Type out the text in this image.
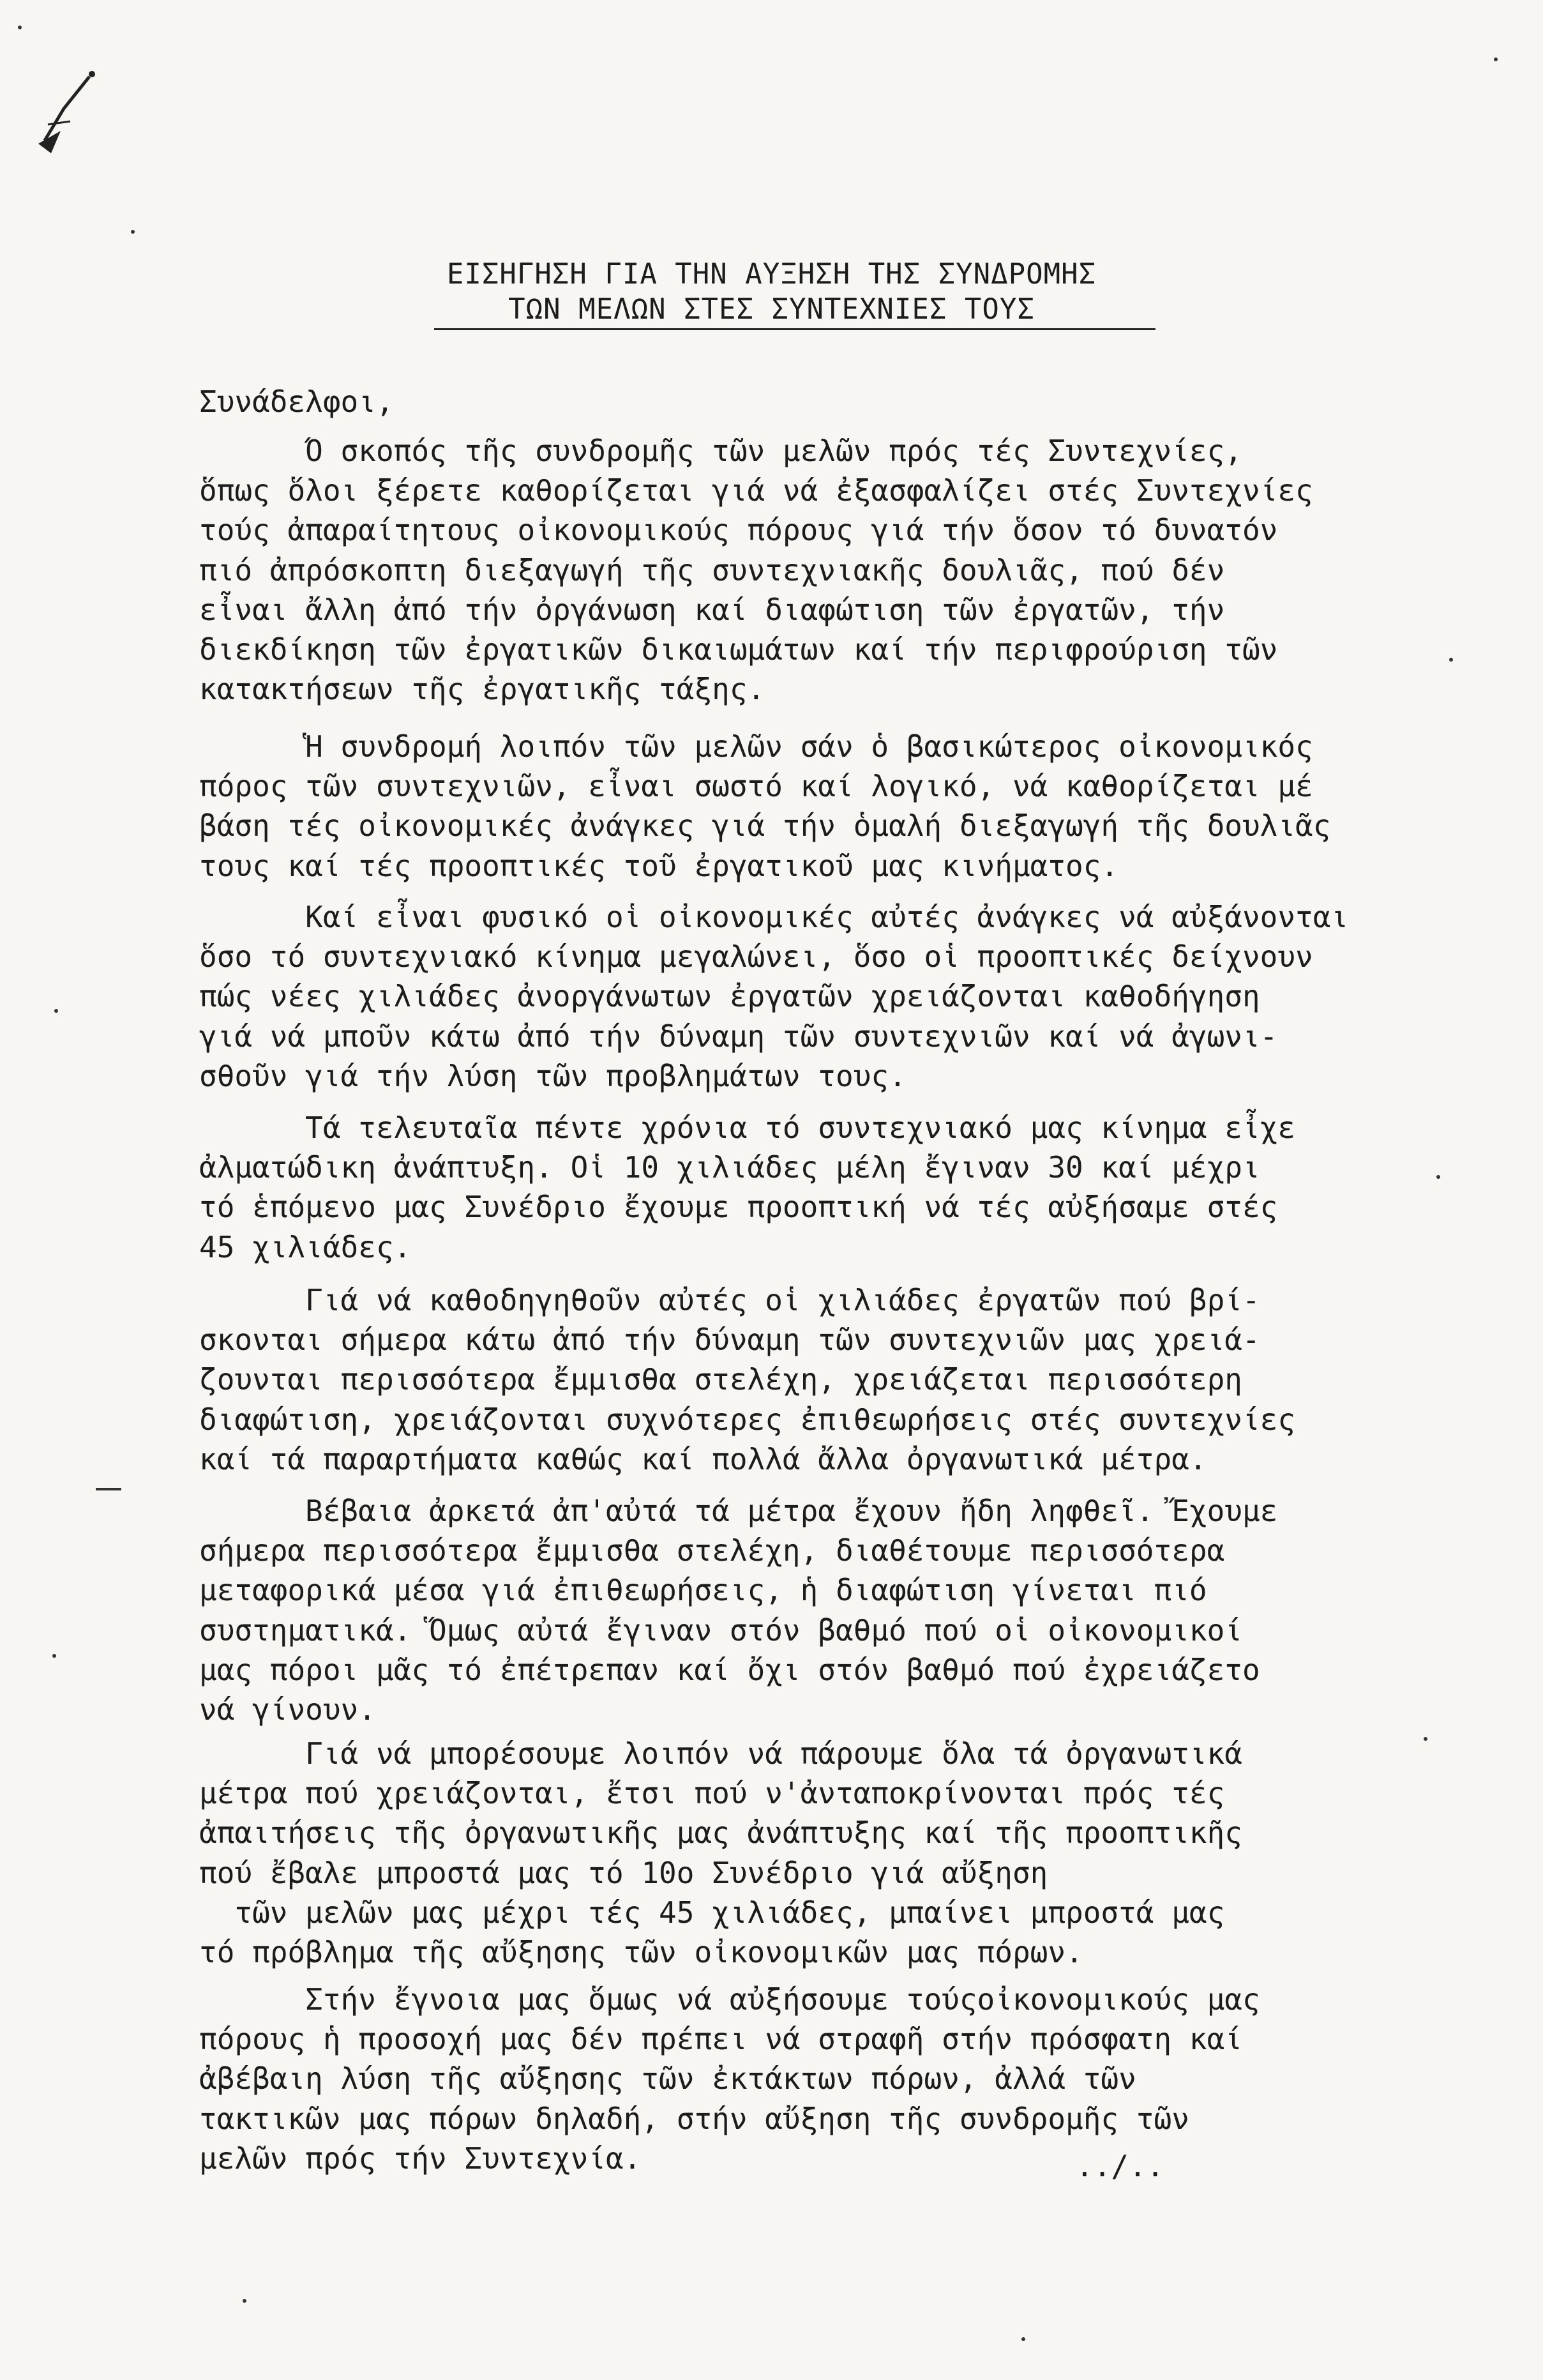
ΕΙΣΗΓΗΣΗ ΓΙΑ ΤΗΝ ΑΥΞΗΣΗ ΤΗΣ ΣΥΝΔΡΟΜΗΣ
ΤΩΝ ΜΕΛΩΝ ΣΤΕΣ ΣΥΝΤΕΧΝΙΕΣ ΤΟΥΣ
Συνάδελφοι,
Ό σκοπός τῆς συνδρομῆς τῶν μελῶν πρός τές Συντεχνίες,
ὅπως ὅλοι ξέρετε καθορίζεται γιά νά ἐξασφαλίζει στές Συντεχνίες
τούς ἀπαραίτητους οἰκονομικούς πόρους γιά τήν ὅσον τό δυνατόν
πιό ἀπρόσκοπτη διεξαγωγή τῆς συντεχνιακῆς δουλιᾶς, πού δέν
εἶναι ἄλλη ἀπό τήν ὀργάνωση καί διαφώτιση τῶν ἐργατῶν, τήν
διεκδίκηση τῶν ἐργατικῶν δικαιωμάτων καί τήν περιφρούριση τῶν
κατακτήσεων τῆς ἐργατικῆς τάξης.
Ἡ συνδρομή λοιπόν τῶν μελῶν σάν ὁ βασικώτερος οἰκονομικός
πόρος τῶν συντεχνιῶν, εἶναι σωστό καί λογικό, νά καθορίζεται μέ
βάση τές οἰκονομικές ἀνάγκες γιά τήν ὁμαλή διεξαγωγή τῆς δουλιᾶς
τους καί τές προοπτικές τοῦ ἐργατικοῦ μας κινήματος.
Καί εἶναι φυσικό οἱ οἰκονομικές αὐτές ἀνάγκες νά αὐξάνονται
ὅσο τό συντεχνιακό κίνημα μεγαλώνει, ὅσο οἱ προοπτικές δείχνουν
πώς νέες χιλιάδες ἀνοργάνωτων ἐργατῶν χρειάζονται καθοδήγηση
γιά νά μποῦν κάτω ἀπό τήν δύναμη τῶν συντεχνιῶν καί νά ἀγωνι-
σθοῦν γιά τήν λύση τῶν προβλημάτων τους.
Τά τελευταῖα πέντε χρόνια τό συντεχνιακό μας κίνημα εἶχε
ἀλματώδικη ἀνάπτυξη. Οἱ 10 χιλιάδες μέλη ἔγιναν 30 καί μέχρι
τό ἑπόμενο μας Συνέδριο ἔχουμε προοπτική νά τές αὐξήσαμε στές
45 χιλιάδες.
Γιά νά καθοδηγηθοῦν αὐτές οἱ χιλιάδες ἐργατῶν πού βρί-
σκονται σήμερα κάτω ἀπό τήν δύναμη τῶν συντεχνιῶν μας χρειά-
ζουνται περισσότερα ἔμμισθα στελέχη, χρειάζεται περισσότερη
διαφώτιση, χρειάζονται συχνότερες ἐπιθεωρήσεις στές συντεχνίες
καί τά παραρτήματα καθώς καί πολλά ἄλλα ὀργανωτικά μέτρα.
Βέβαια ἀρκετά ἀπ'αὐτά τά μέτρα ἔχουν ἤδη ληφθεῖ. Ἔχουμε
σήμερα περισσότερα ἔμμισθα στελέχη, διαθέτουμε περισσότερα
μεταφορικά μέσα γιά ἐπιθεωρήσεις, ἡ διαφώτιση γίνεται πιό
συστηματικά. Ὅμως αὐτά ἔγιναν στόν βαθμό πού οἱ οἰκονομικοί
μας πόροι μᾶς τό ἐπέτρεπαν καί ὄχι στόν βαθμό πού ἐχρειάζετο
νά γίνουν.
Γιά νά μπορέσουμε λοιπόν νά πάρουμε ὅλα τά ὀργανωτικά
μέτρα πού χρειάζονται, ἔτσι πού ν'ἀνταποκρίνονται πρός τές
ἀπαιτήσεις τῆς ὀργανωτικῆς μας ἀνάπτυξης καί τῆς προοπτικῆς
πού ἔβαλε μπροστά μας τό 10ο Συνέδριο γιά αὔξηση
τῶν μελῶν μας μέχρι τές 45 χιλιάδες, μπαίνει μπροστά μας
τό πρόβλημα τῆς αὔξησης τῶν οἰκονομικῶν μας πόρων.
Στήν ἔγνοια μας ὅμως νά αὐξήσουμε τούςοἰκονομικούς μας
πόρους ἡ προσοχή μας δέν πρέπει νά στραφῆ στήν πρόσφατη καί
ἀβέβαιη λύση τῆς αὔξησης τῶν ἐκτάκτων πόρων, ἀλλά τῶν
τακτικῶν μας πόρων δηλαδή, στήν αὔξηση τῆς συνδρομῆς τῶν
μελῶν πρός τήν Συντεχνία.	../..
